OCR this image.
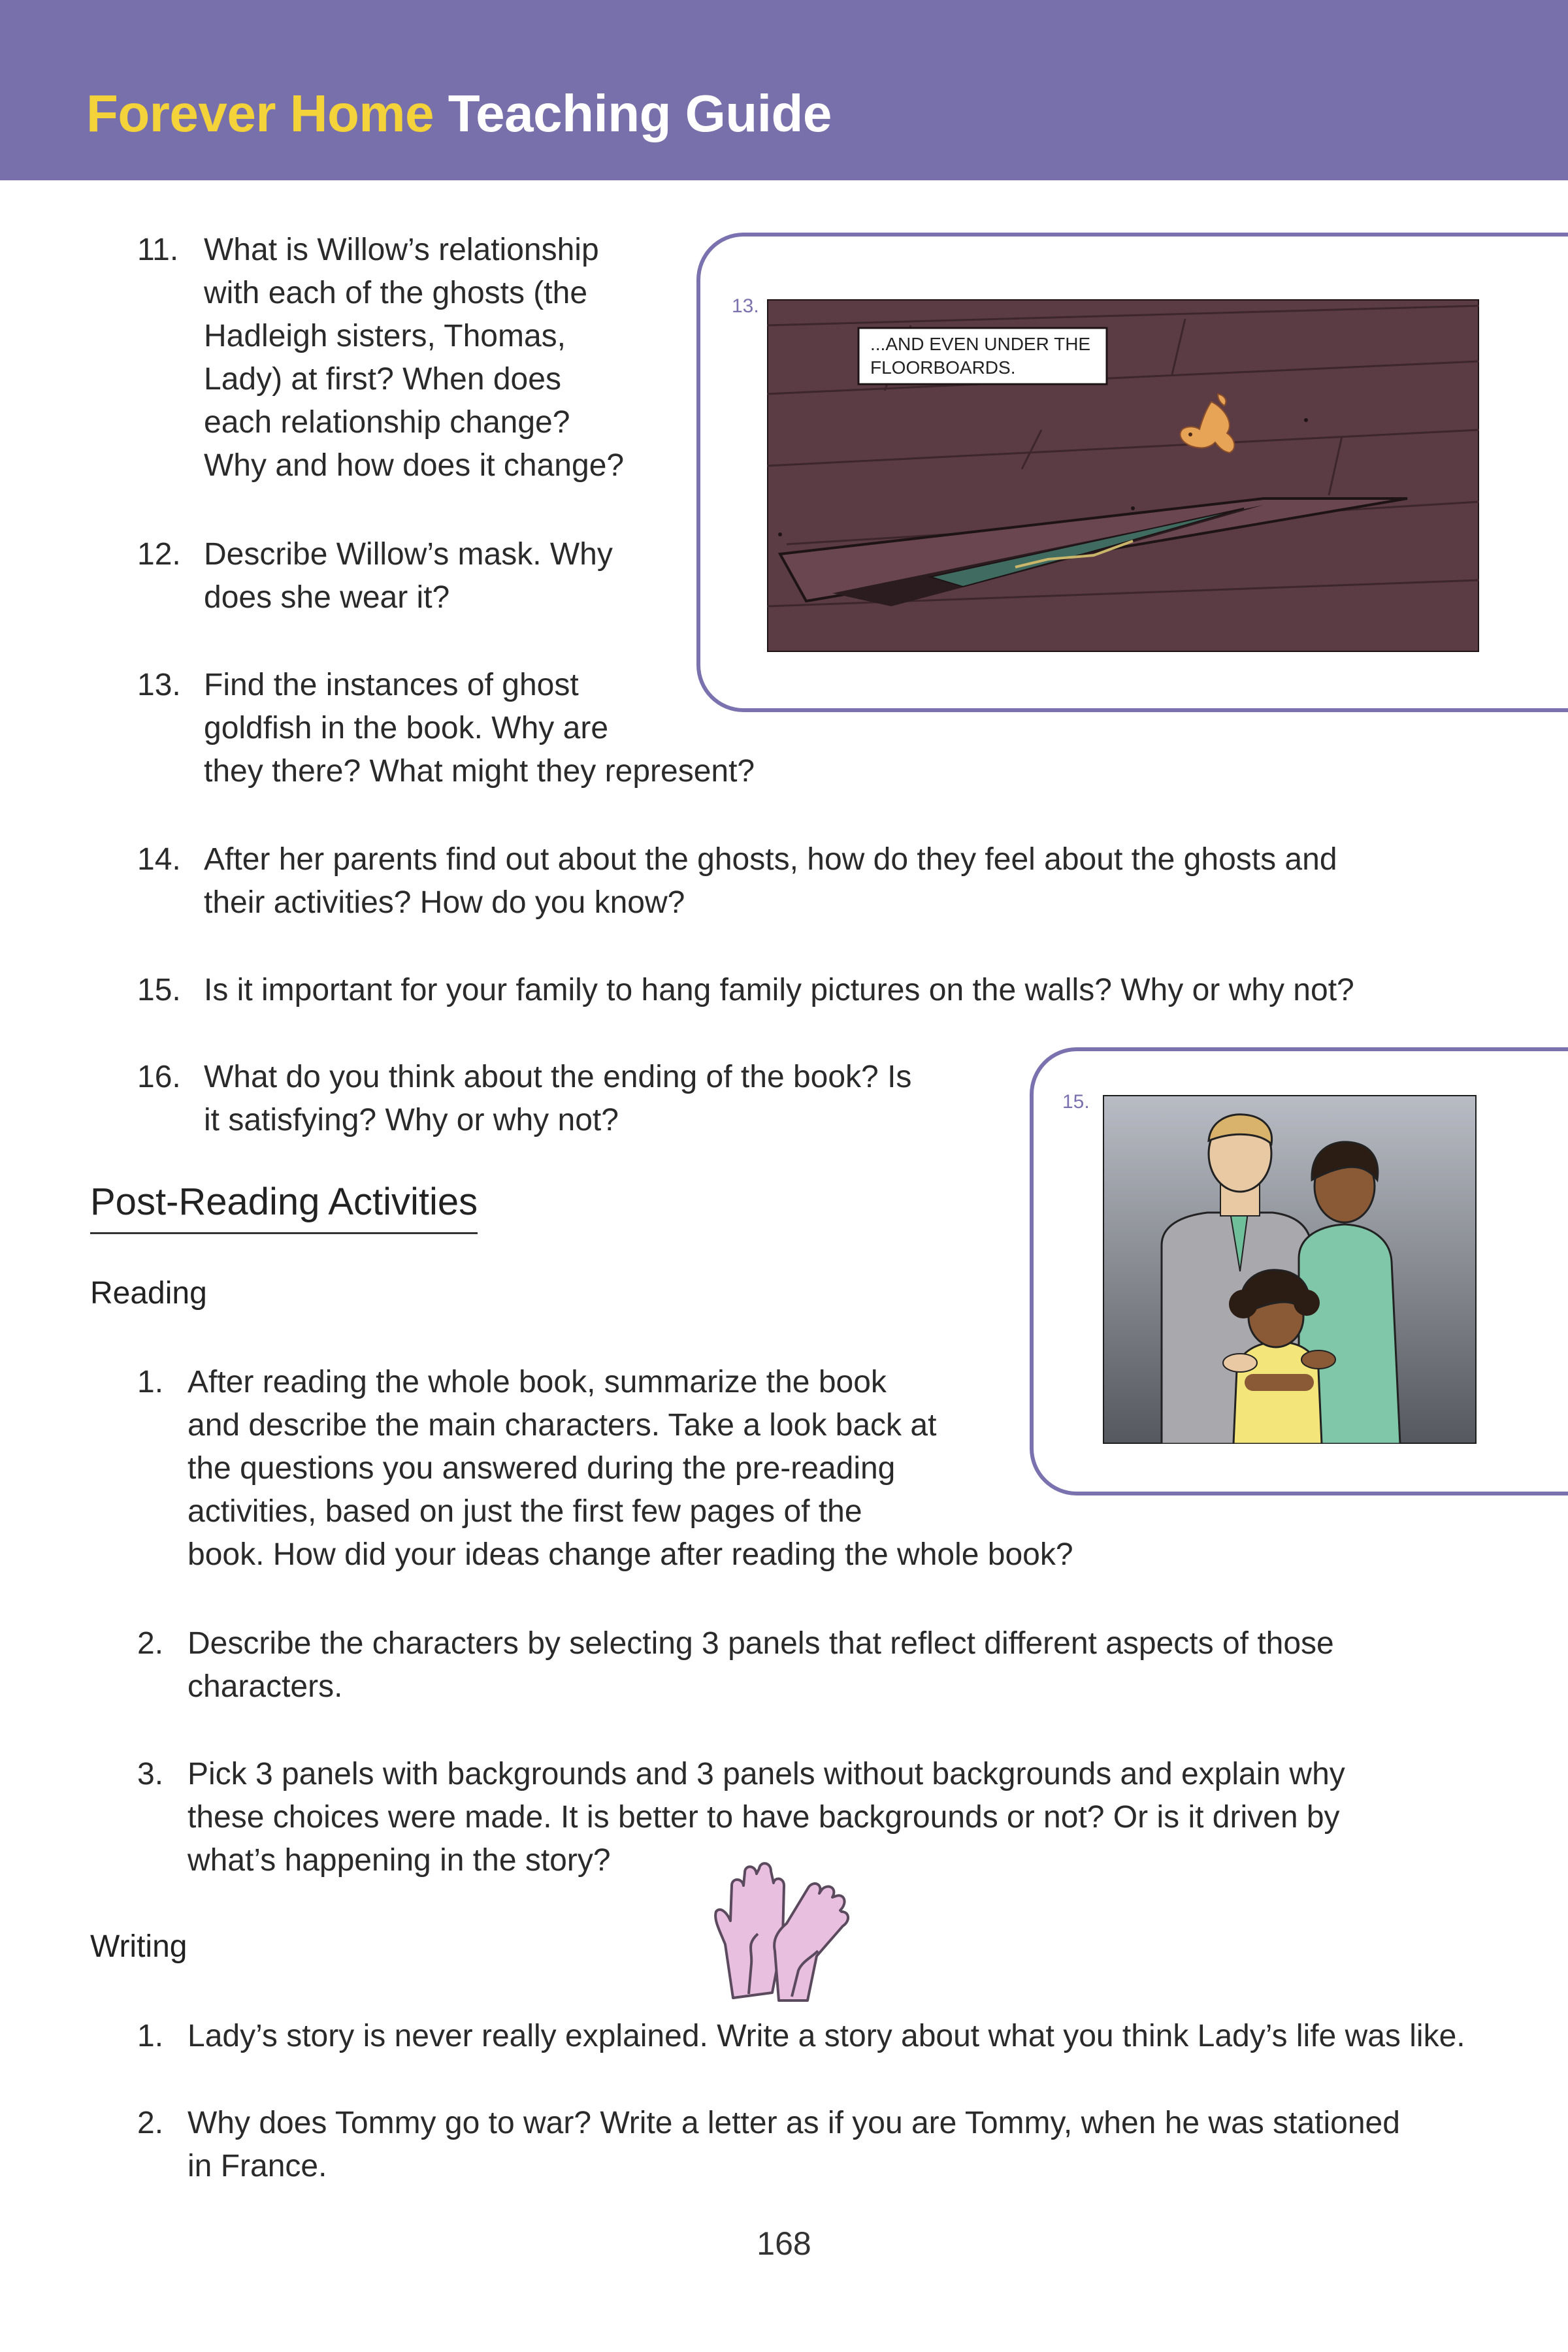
Forever Home Teaching Guide
11. What is Willow’s relationship
with each of the ghosts (the
Hadleigh sisters, Thomas,
Lady) at first? When does
each relationship change?
Why and how does it change?
12. Describe Willow’s mask. Why
does she wear it?
13. Find the instances of ghost
goldfish in the book. Why are
they there? What might they represent?
14. After her parents find out about the ghosts, how do they feel about the ghosts and
their activities? How do you know?
15. Is it important for your family to hang family pictures on the walls? Why or why not?
16. What do you think about the ending of the book? Is
it satisfying? Why or why not?
13.
...AND EVEN UNDER THE
FLOORBOARDS.
15.
Post-Reading Activities
Reading
1. After reading the whole book, summarize the book
and describe the main characters. Take a look back at
the questions you answered during the pre-reading
activities, based on just the first few pages of the
book. How did your ideas change after reading the whole book?
2. Describe the characters by selecting 3 panels that reflect different aspects of those
characters.
3. Pick 3 panels with backgrounds and 3 panels without backgrounds and explain why
these choices were made. It is better to have backgrounds or not? Or is it driven by
what’s happening in the story?
Writing
1. Lady’s story is never really explained. Write a story about what you think Lady’s life was like.
2. Why does Tommy go to war? Write a letter as if you are Tommy, when he was stationed
in France.
168
